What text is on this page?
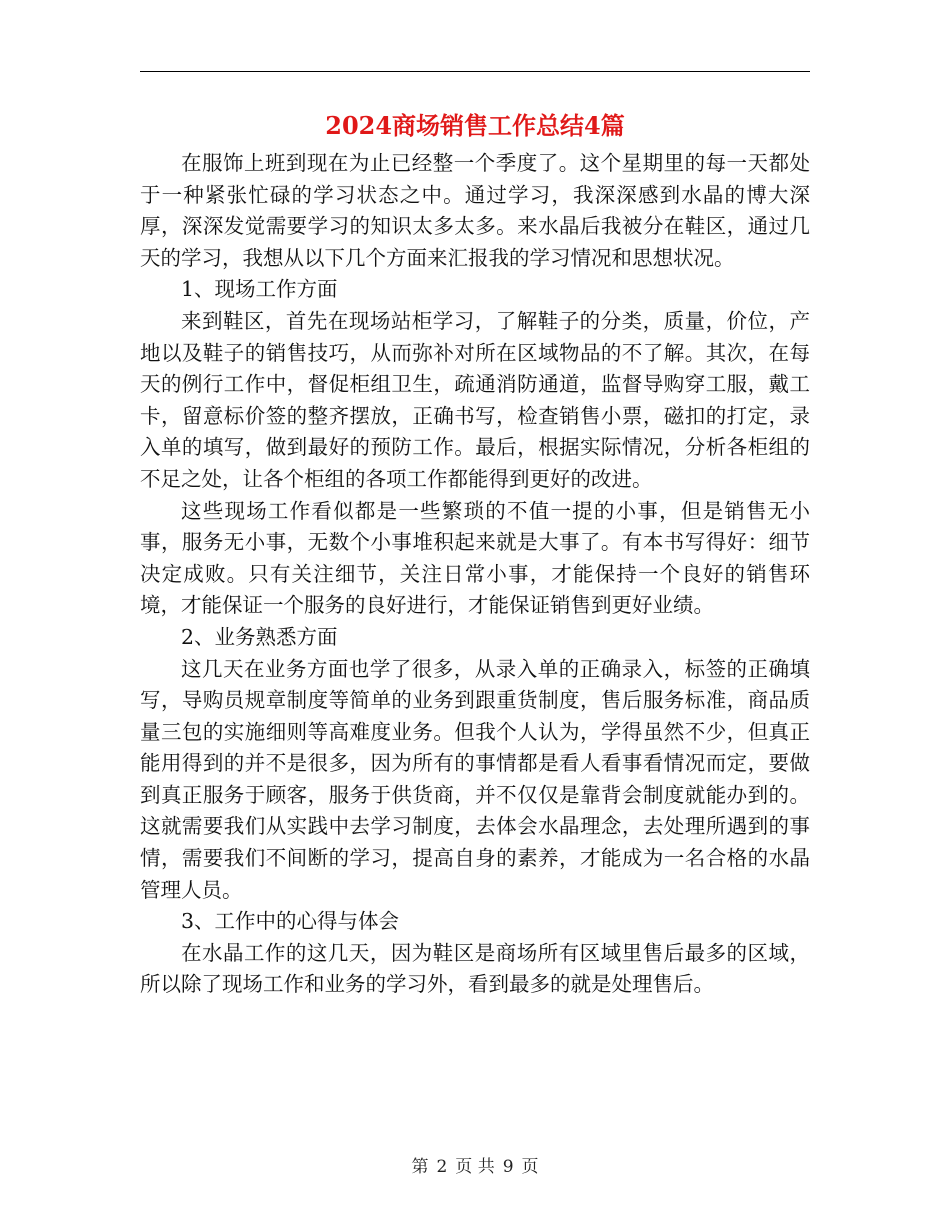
2024商场销售工作总结4篇

在服饰上班到现在为止已经整一个季度了。这个星期里的每一天都处于一种紧张忙碌的学习状态之中。通过学习，我深深感到水晶的博大深厚，深深发觉需要学习的知识太多太多。来水晶后我被分在鞋区，通过几天的学习，我想从以下几个方面来汇报我的学习情况和思想状况。

1、现场工作方面

来到鞋区，首先在现场站柜学习，了解鞋子的分类，质量，价位，产地以及鞋子的销售技巧，从而弥补对所在区域物品的不了解。其次，在每天的例行工作中，督促柜组卫生，疏通消防通道，监督导购穿工服，戴工卡，留意标价签的整齐摆放，正确书写，检查销售小票，磁扣的打定，录入单的填写，做到最好的预防工作。最后，根据实际情况，分析各柜组的不足之处，让各个柜组的各项工作都能得到更好的改进。

这些现场工作看似都是一些繁琐的不值一提的小事，但是销售无小事，服务无小事，无数个小事堆积起来就是大事了。有本书写得好：细节决定成败。只有关注细节，关注日常小事，才能保持一个良好的销售环境，才能保证一个服务的良好进行，才能保证销售到更好业绩。

2、业务熟悉方面

这几天在业务方面也学了很多，从录入单的正确录入，标签的正确填写，导购员规章制度等简单的业务到跟重货制度，售后服务标准，商品质量三包的实施细则等高难度业务。但我个人认为，学得虽然不少，但真正能用得到的并不是很多，因为所有的事情都是看人看事看情况而定，要做到真正服务于顾客，服务于供货商，并不仅仅是靠背会制度就能办到的。这就需要我们从实践中去学习制度，去体会水晶理念，去处理所遇到的事情，需要我们不间断的学习，提高自身的素养，才能成为一名合格的水晶管理人员。

3、工作中的心得与体会

在水晶工作的这几天，因为鞋区是商场所有区域里售后最多的区域，所以除了现场工作和业务的学习外，看到最多的就是处理售后。

第 2 页 共 9 页
